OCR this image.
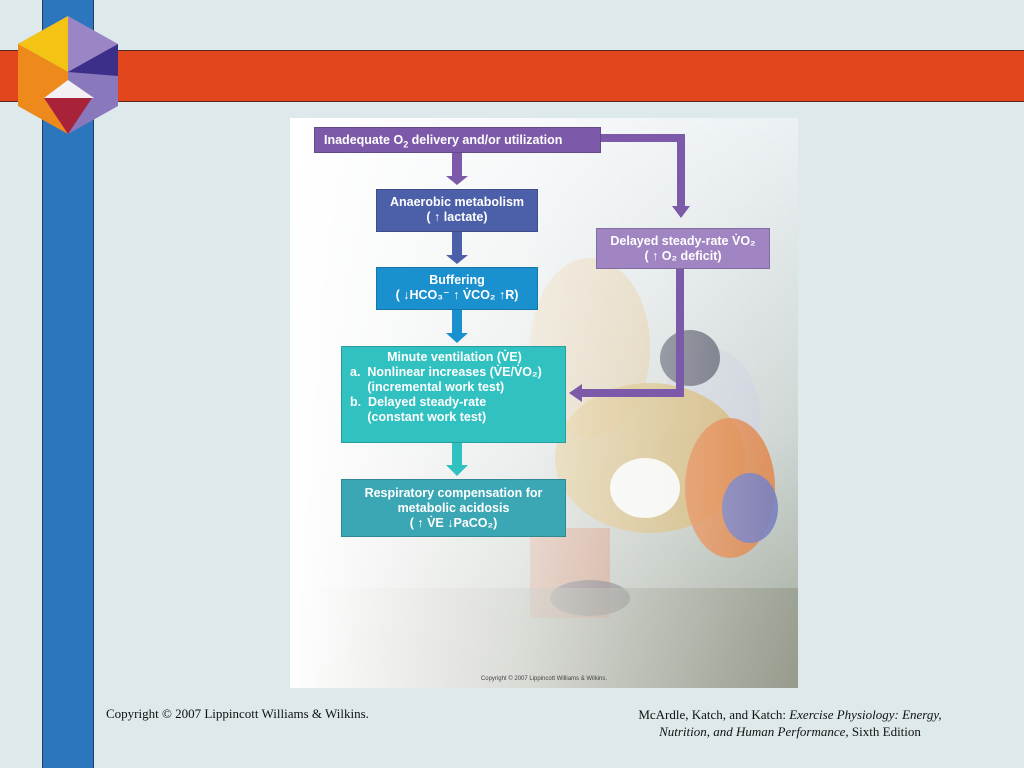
Inadequate $O_2$ delivery and/or utilization
Anaerobic metabolism
( ↑ lactate)
Delayed steady-rate V̇O₂
( ↑ O₂ deficit)
Buffering
( ↓HCO₃⁻ ↑ V̇CO₂ ↑R)
Minute ventilation (V̇E)
a.  Nonlinear increases (V̇E/V̇O₂)
(incremental work test)
b.  Delayed steady-rate
(constant work test)
Respiratory compensation for
metabolic acidosis
( ↑ V̇E ↓PaCO₂)
Copyright © 2007 Lippincott Williams & Wilkins.
Copyright © 2007 Lippincott Williams & Wilkins.	McArdle, Katch, and Katch: Exercise Physiology: Energy,
Nutrition, and Human Performance, Sixth Edition
